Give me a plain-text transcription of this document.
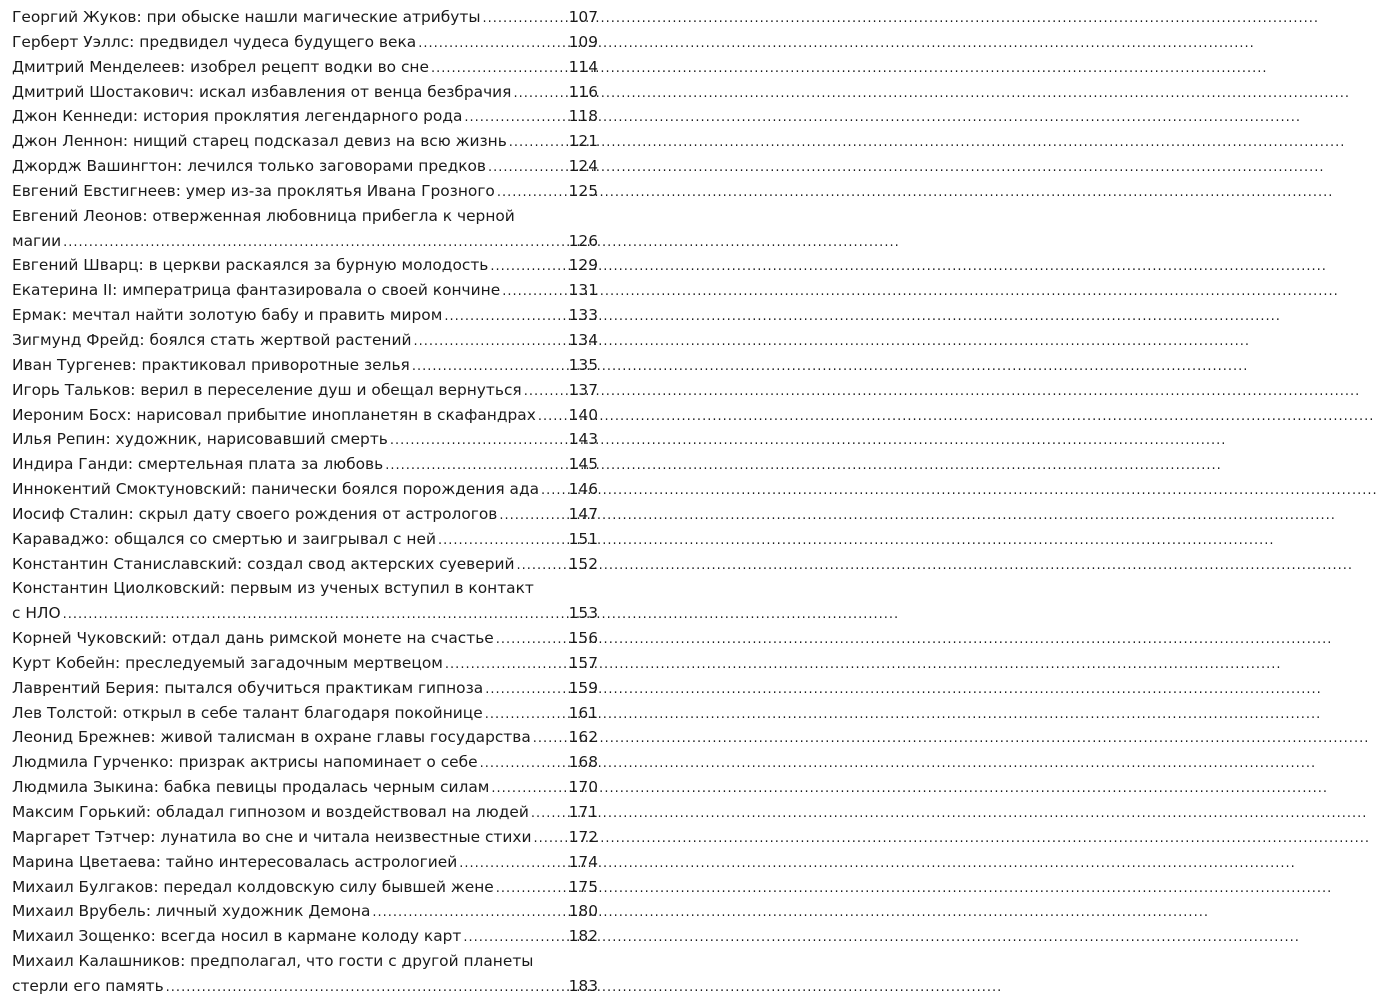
Георгий Жуков: при обыске нашли магические атрибуты .....	107
Герберт Уэллс: предвидел чудеса будущего века .....	109
Дмитрий Менделеев: изобрел рецепт водки во сне .....	114
Дмитрий Шостакович: искал избавления от венца безбрачия .....	116
Джон Кеннеди: история проклятия легендарного рода .....	118
Джон Леннон: нищий старец подсказал девиз на всю жизнь .....	121
Джордж Вашингтон: лечился только заговорами предков .....	124
Евгений Евстигнеев: умер из-за проклятья Ивана Грозного .....	125
Евгений Леонов: отверженная любовница прибегла к черной
магии .....	126
Евгений Шварц: в церкви раскаялся за бурную молодость .....	129
Екатерина II: императрица фантазировала о своей кончине .....	131
Ермак: мечтал найти золотую бабу и править миром .....	133
Зигмунд Фрейд: боялся стать жертвой растений .....	134
Иван Тургенев: практиковал приворотные зелья .....	135
Игорь Тальков: верил в переселение душ и обещал вернуться .....	137
Иероним Босх: нарисовал прибытие инопланетян в скафандрах ..... 140
Илья Репин: художник, нарисовавший смерть .....	143
Индира Ганди: смертельная плата за любовь .....	145
Иннокентий Смоктуновский: панически боялся порождения ада ..... 146
Иосиф Сталин: скрыл дату своего рождения от астрологов .....	147
Караваджо: общался со смертью и заигрывал с ней .....	151
Константин Станиславский: создал свод актерских суеверий .....	152
Константин Циолковский: первым из ученых вступил в контакт
с НЛО .....	153
Корней Чуковский: отдал дань римской монете на счастье .....	156
Курт Кобейн: преследуемый загадочным мертвецом .....	157
Лаврентий Берия: пытался обучиться практикам гипноза .....	159
Лев Толстой: открыл в себе талант благодаря покойнице .....	161
Леонид Брежнев: живой талисман в охране главы государства ..... 162
Людмила Гурченко: призрак актрисы напоминает о себе .....	168
Людмила Зыкина: бабка певицы продалась черным силам .....	170
Максим Горький: обладал гипнозом и воздействовал на людей .....	171
Маргарет Тэтчер: лунатила во сне и читала неизвестные стихи ..... 172
Марина Цветаева: тайно интересовалась астрологией .....	174
Михаил Булгаков: передал колдовскую силу бывшей жене .....	175
Михаил Врубель: личный художник Демона .....	180
Михаил Зощенко: всегда носил в кармане колоду карт .....	182
Михаил Калашников: предполагал, что гости с другой планеты
стерли его память .....	183
